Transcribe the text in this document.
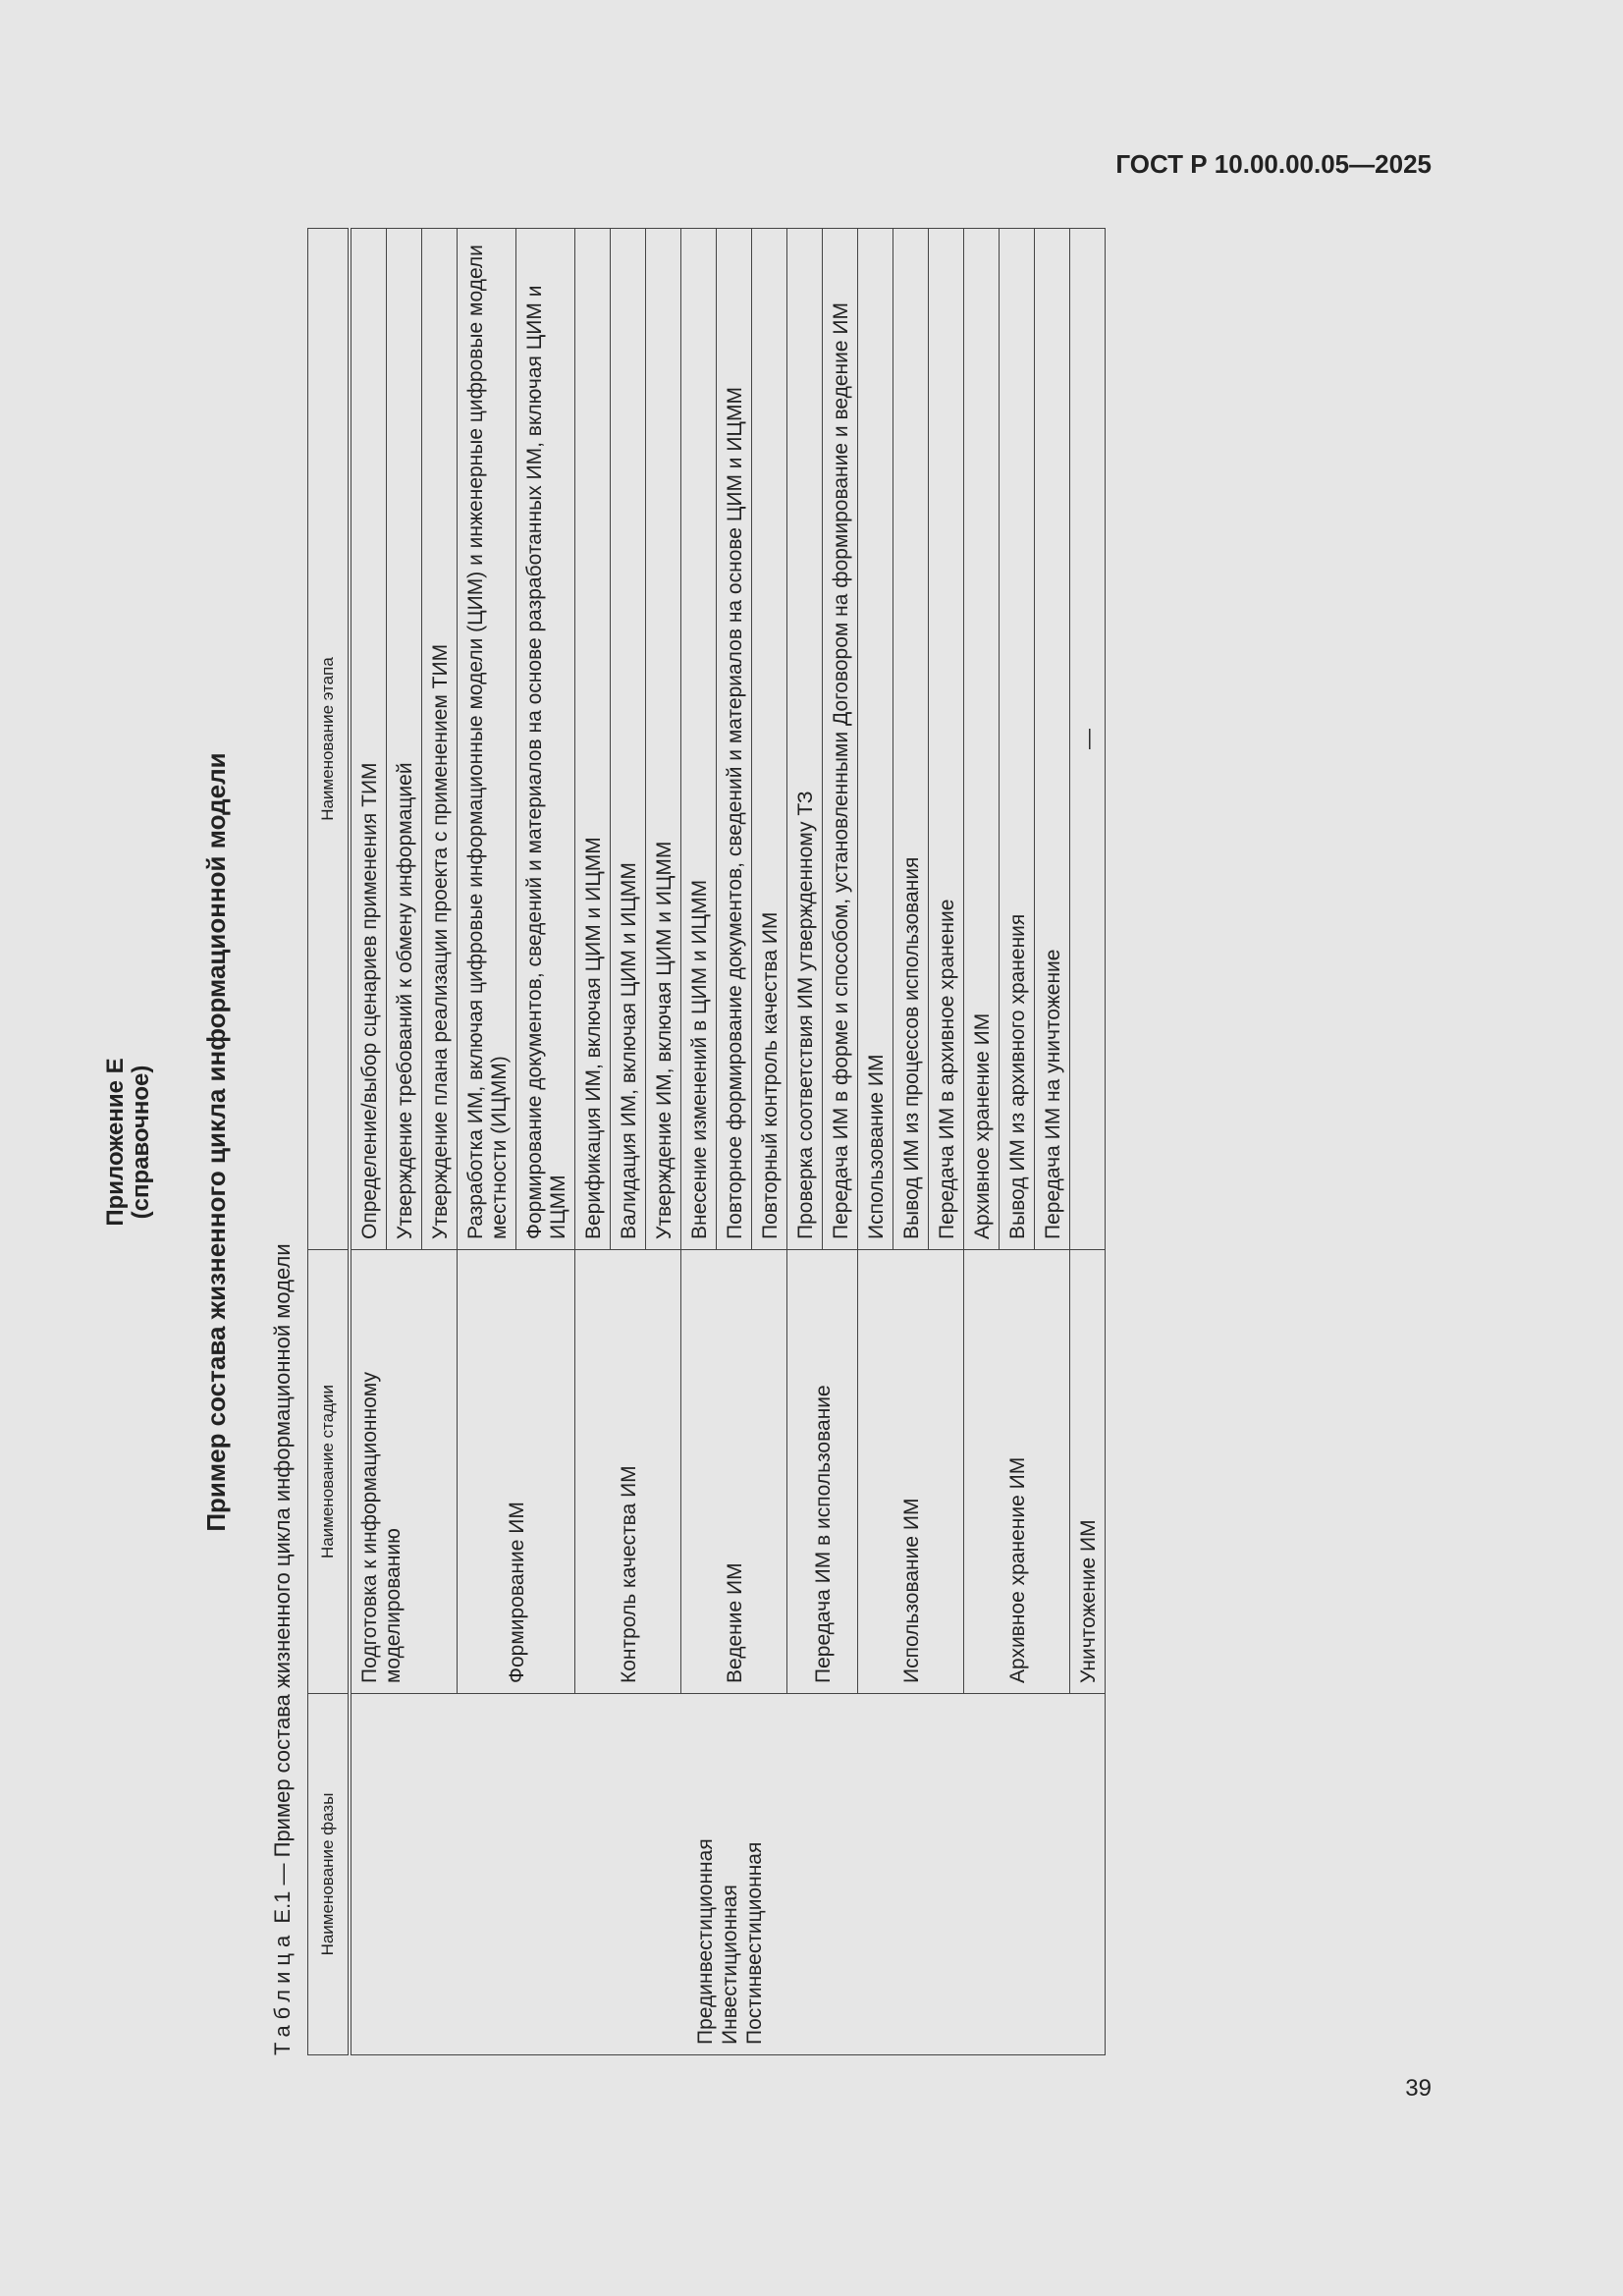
ГОСТ Р 10.00.00.05—2025
Приложение Е (справочное) Пример состава жизненного цикла информационной модели
Таблица Е.1 — Пример состава жизненного цикла информационной модели Наименование фазы	Наименование стадии	Наименование этапа

Прединвестиционная Инвестиционная Постинвестиционная	Подготовка к информационному моделированию	Определение/выбор сценариев применения ТИМ
		Утверждение требований к обмену информацией
		Утверждение плана реализации проекта с применением ТИМ
	Формирование ИМ	Разработка ИМ, включая цифровые информационные модели (ЦИМ) и инженерные цифровые модели местности (ИЦММ)
		Формирование документов, сведений и материалов на основе разработанных ИМ, включая ЦИМ и ИЦММ
	Контроль качества ИМ	Верификация ИМ, включая ЦИМ и ИЦММ
		Валидация ИМ, включая ЦИМ и ИЦММ
		Утверждение ИМ, включая ЦИМ и ИЦММ
	Ведение ИМ	Внесение изменений в ЦИМ и ИЦММ
		Повторное формирование документов, сведений и материалов на основе ЦИМ и ИЦММ
		Повторный контроль качества ИМ
	Передача ИМ в использование	Проверка соответствия ИМ утвержденному ТЗ
		Передача ИМ в форме и способом, установленными Договором на формирование и ведение ИМ
	Использование ИМ	Использование ИМ
		Вывод ИМ из процессов использования
		Передача ИМ в архивное хранение
	Архивное хранение ИМ	Архивное хранение ИМ
		Вывод ИМ из архивного хранения
		Передача ИМ на уничтожение
	Уничтожение ИМ	—
39
